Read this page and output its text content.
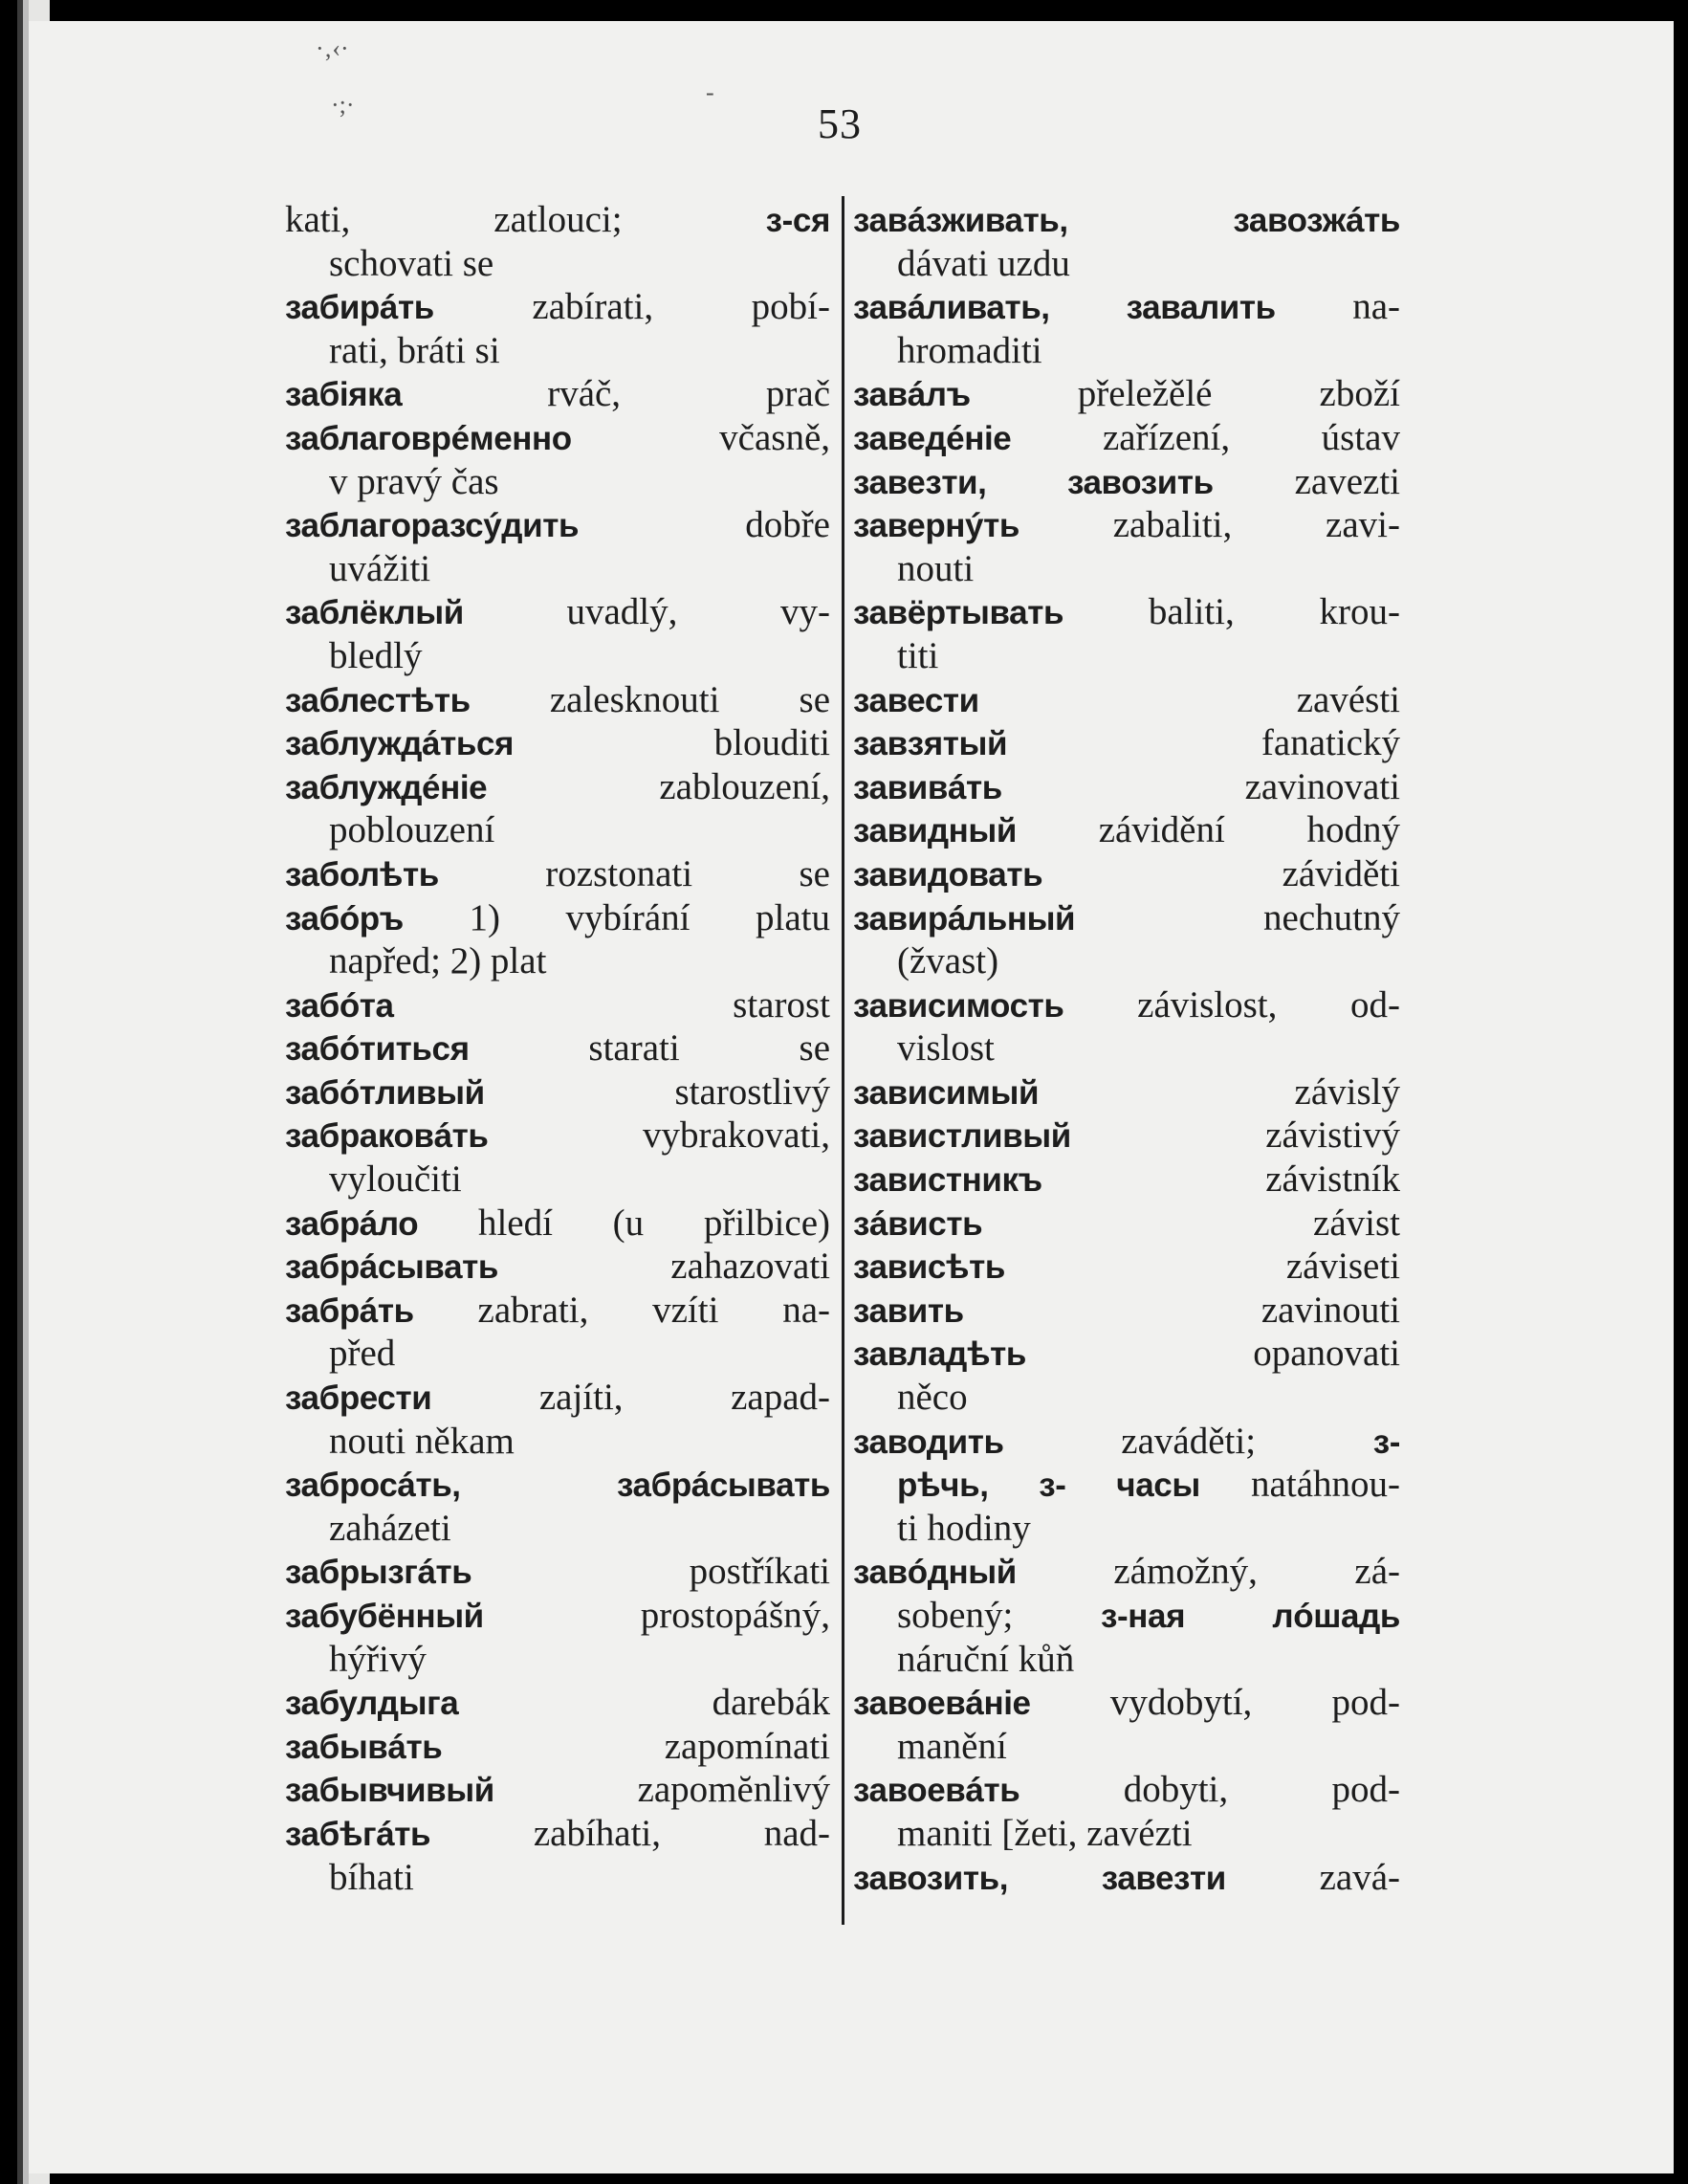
·‚‹·
·;·	-
53
kati, zatlouci;	з-ся
schovati se
забирáть	zabírati, pobí-
rati, bráti si
забіяка	rváč, prač
заблаговрéменно	včasně,
v pravý čas
заблагоразсýдить	dobře
uvážiti
заблёклый	uvadlý, vy-
bledlý
заблестѣть zalesknouti se
заблуждáться	blouditi
заблуждéніе	zablouzení,
poblouzení
заболѣть	rozstonati se
забóръ 1) vybírání platu
napřed; 2) plat
забóта	starost
забóтиться	starati se
забóтливый	starostlivý
забраковáть	vybrakovati,
vyloučiti
забрáло hledí (u přilbice)
забрáсывать	zahazovati
забрáть zabrati, vzíti na-
před
забрести	zajíti, zapad-
nouti někam
забросáть,	забрáсывать
zaházeti
забрызгáть	postříkati
забубённый	prostopášný,
hýřivý
забулдыга	darebák
забывáть	zapomínati
забывчивый	zapomĕnlivý
забѣгáть	zabíhati, nad-
bíhati
завáзживать,	завозжáть
dávati uzdu
завáливать, завалить na-
hromaditi
завáлъ	přeležělé zboží
заведéніе zařízení, ústav
завезти, завозить zavezti
завернýть	zabaliti, zavi-
nouti
завёртывать baliti, krou-
titi
завести	zavésti
завзятый	fanatický
завивáть	zavinovati
завидный závidění hodný
завидовать	záviděti
завирáльный	nechutný
(žvast)
зависимость závislost, od-
vislost
зависимый	závislý
завистливый	závistivý
завистникъ	závistník
зáвисть	závist
зависѣть	záviseti
завить	zavinouti
завладѣть	opanovati
něco
заводить	zaváděti;	з-
рѣчь, з- часы natáhnou-
ti hodiny
завóдный	zámožný, zá-
sobený;	з-ная лóшадь
náruční kůň
завоевáніе vydobytí, pod-
manění
завоевáть	dobyti, pod-
maniti [žeti, zavézti
завозить,	завезти	zavá-
